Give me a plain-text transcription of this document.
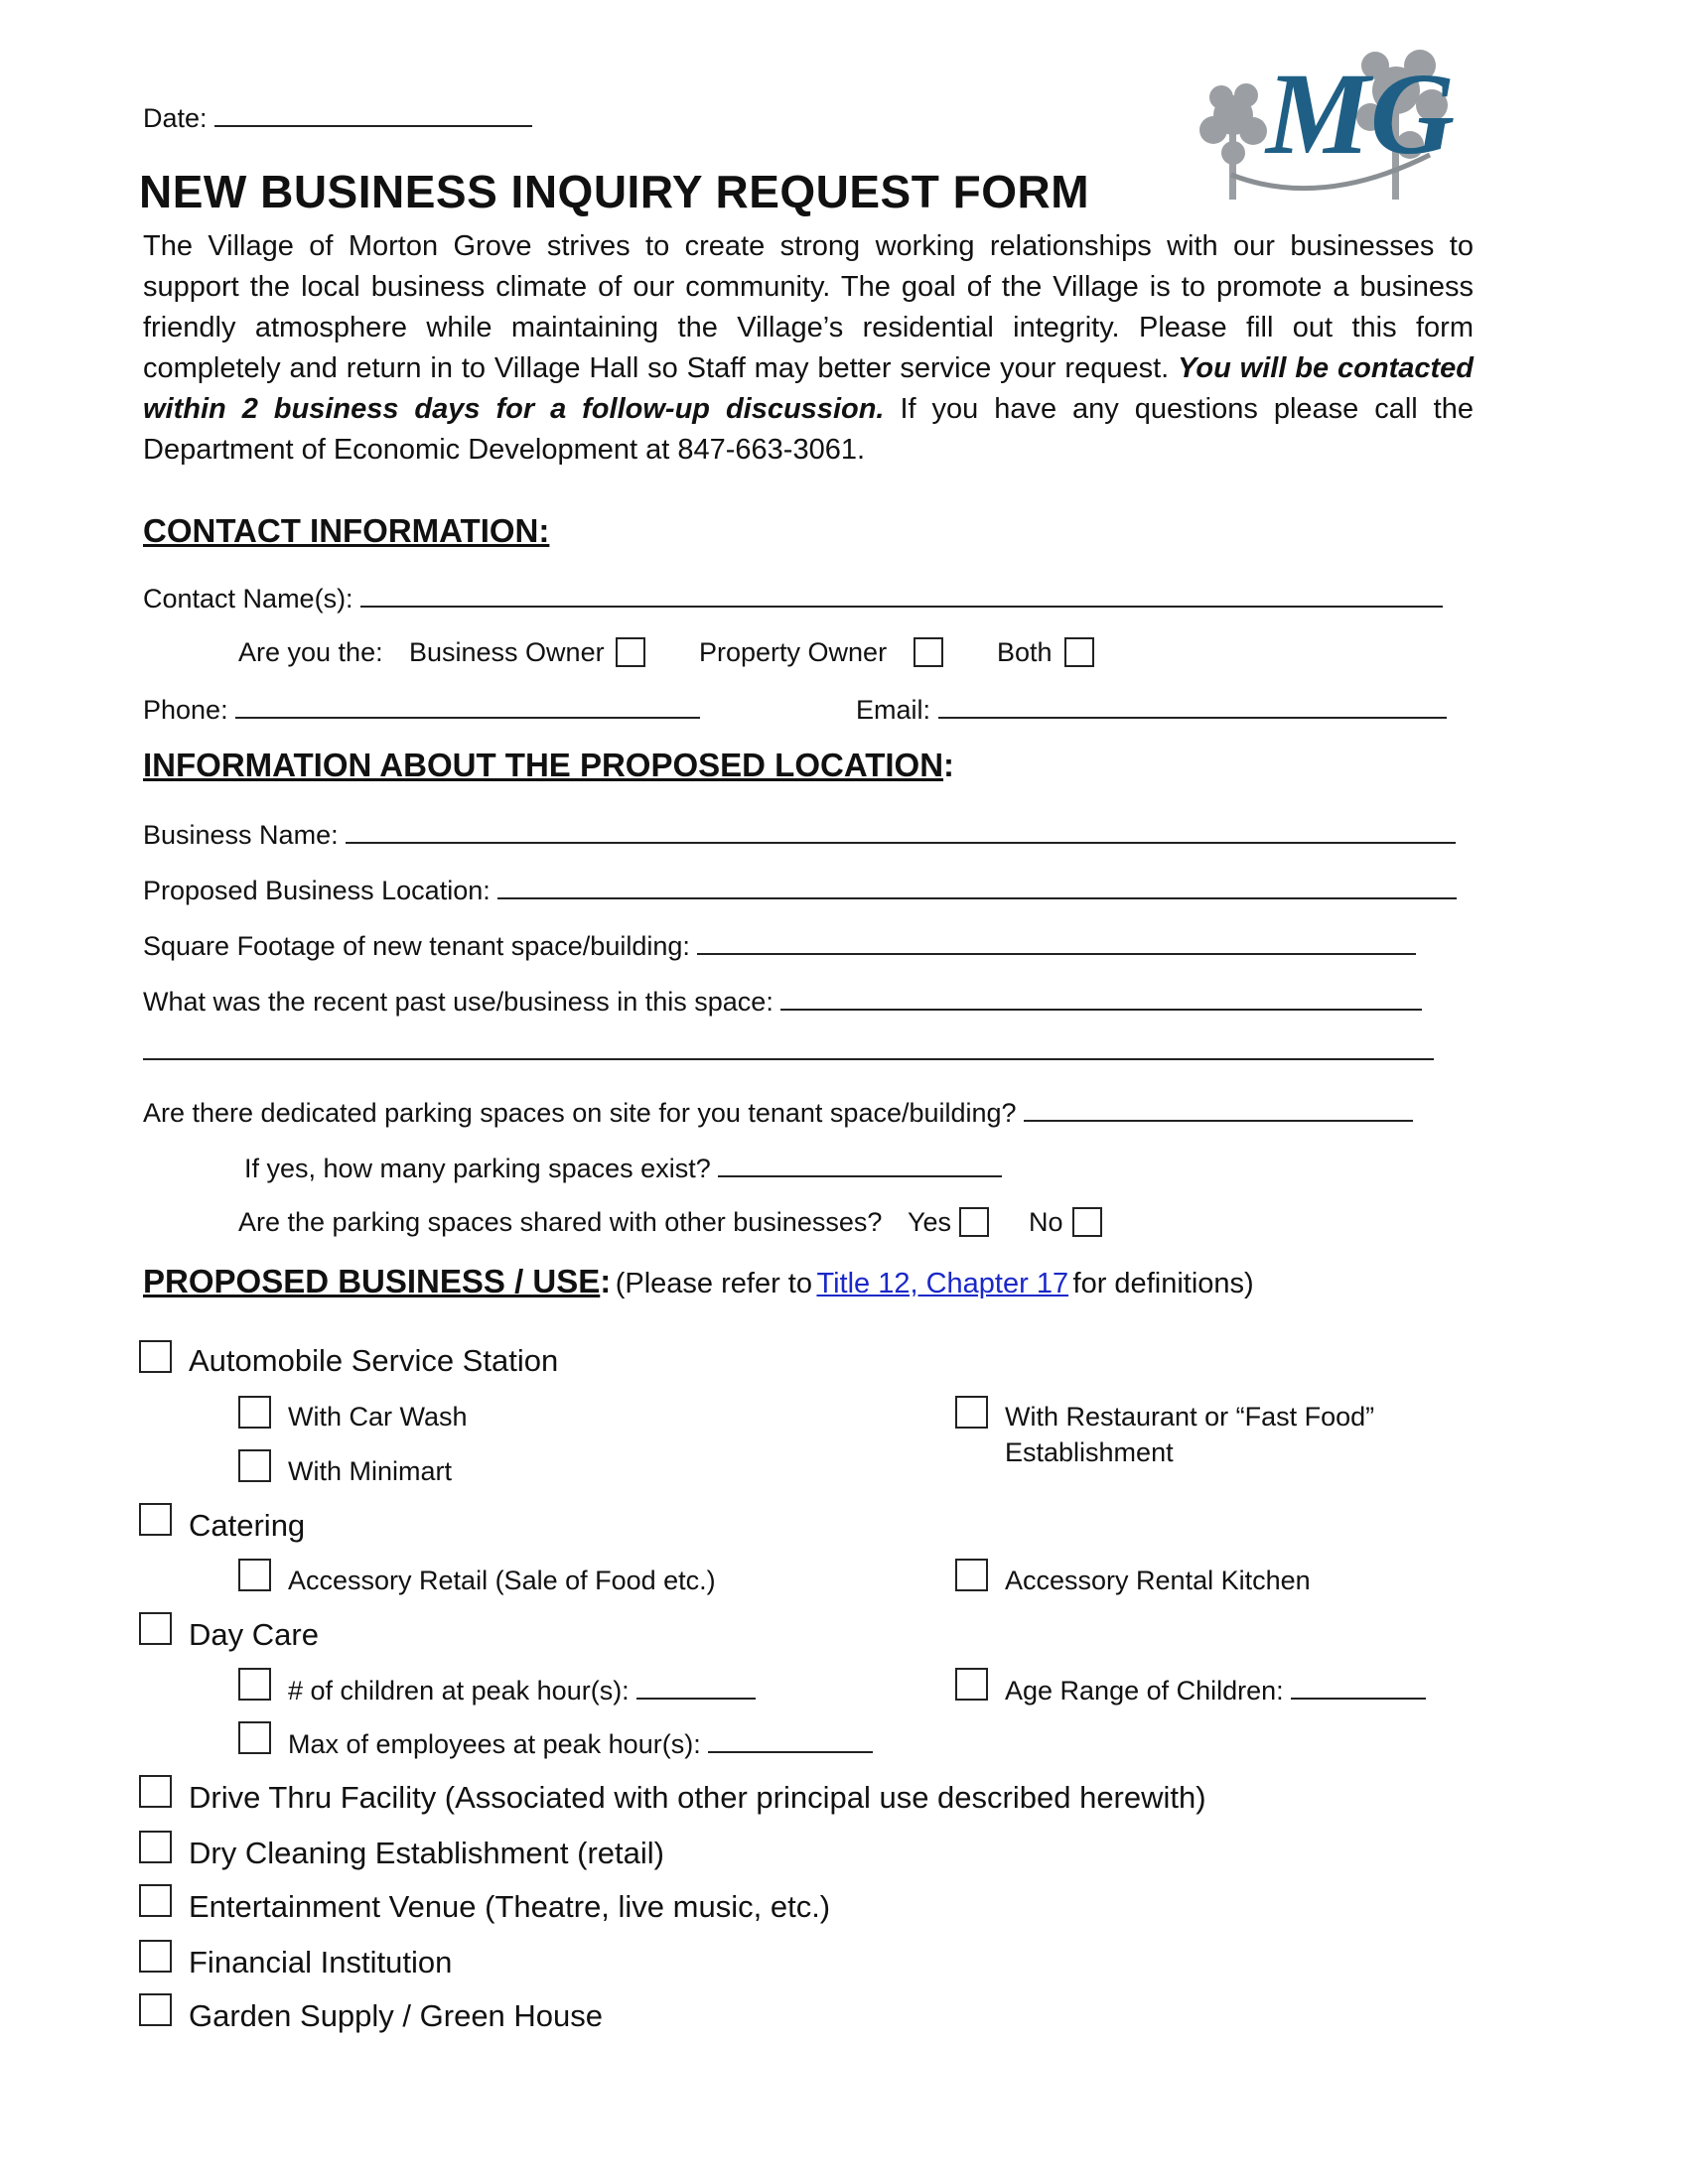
Date:
NEW BUSINESS INQUIRY REQUEST FORM
MG
The Village of Morton Grove strives to create strong working relationships with our businesses to support the local business climate of our community. The goal of the Village is to promote a business friendly atmosphere while maintaining the Village’s residential integrity. Please fill out this form completely and return in to Village Hall so Staff may better service your request. You will be contacted within 2 business days for a follow-up discussion. If you have any questions please call the Department of Economic Development at 847-663-3061.
CONTACT INFORMATION:
Contact Name(s):
Are you the: Business Owner	Property Owner	Both
Phone:	Email:
INFORMATION ABOUT THE PROPOSED LOCATION:
Business Name:
Proposed Business Location:
Square Footage of new tenant space/building:
What was the recent past use/business in this space:
Are there dedicated parking spaces on site for you tenant space/building?
If yes, how many parking spaces exist?
Are the parking spaces shared with other businesses? Yes	No
PROPOSED BUSINESS / USE: (Please refer to Title 12, Chapter 17 for definitions)
Automobile Service Station
With Car Wash	With Restaurant or “Fast Food”
Establishment
With Minimart
Catering
Accessory Retail (Sale of Food etc.)	Accessory Rental Kitchen
Day Care
# of children at peak hour(s):	Age Range of Children:
Max of employees at peak hour(s):
Drive Thru Facility (Associated with other principal use described herewith)
Dry Cleaning Establishment (retail)
Entertainment Venue (Theatre, live music, etc.)
Financial Institution
Garden Supply / Green House
